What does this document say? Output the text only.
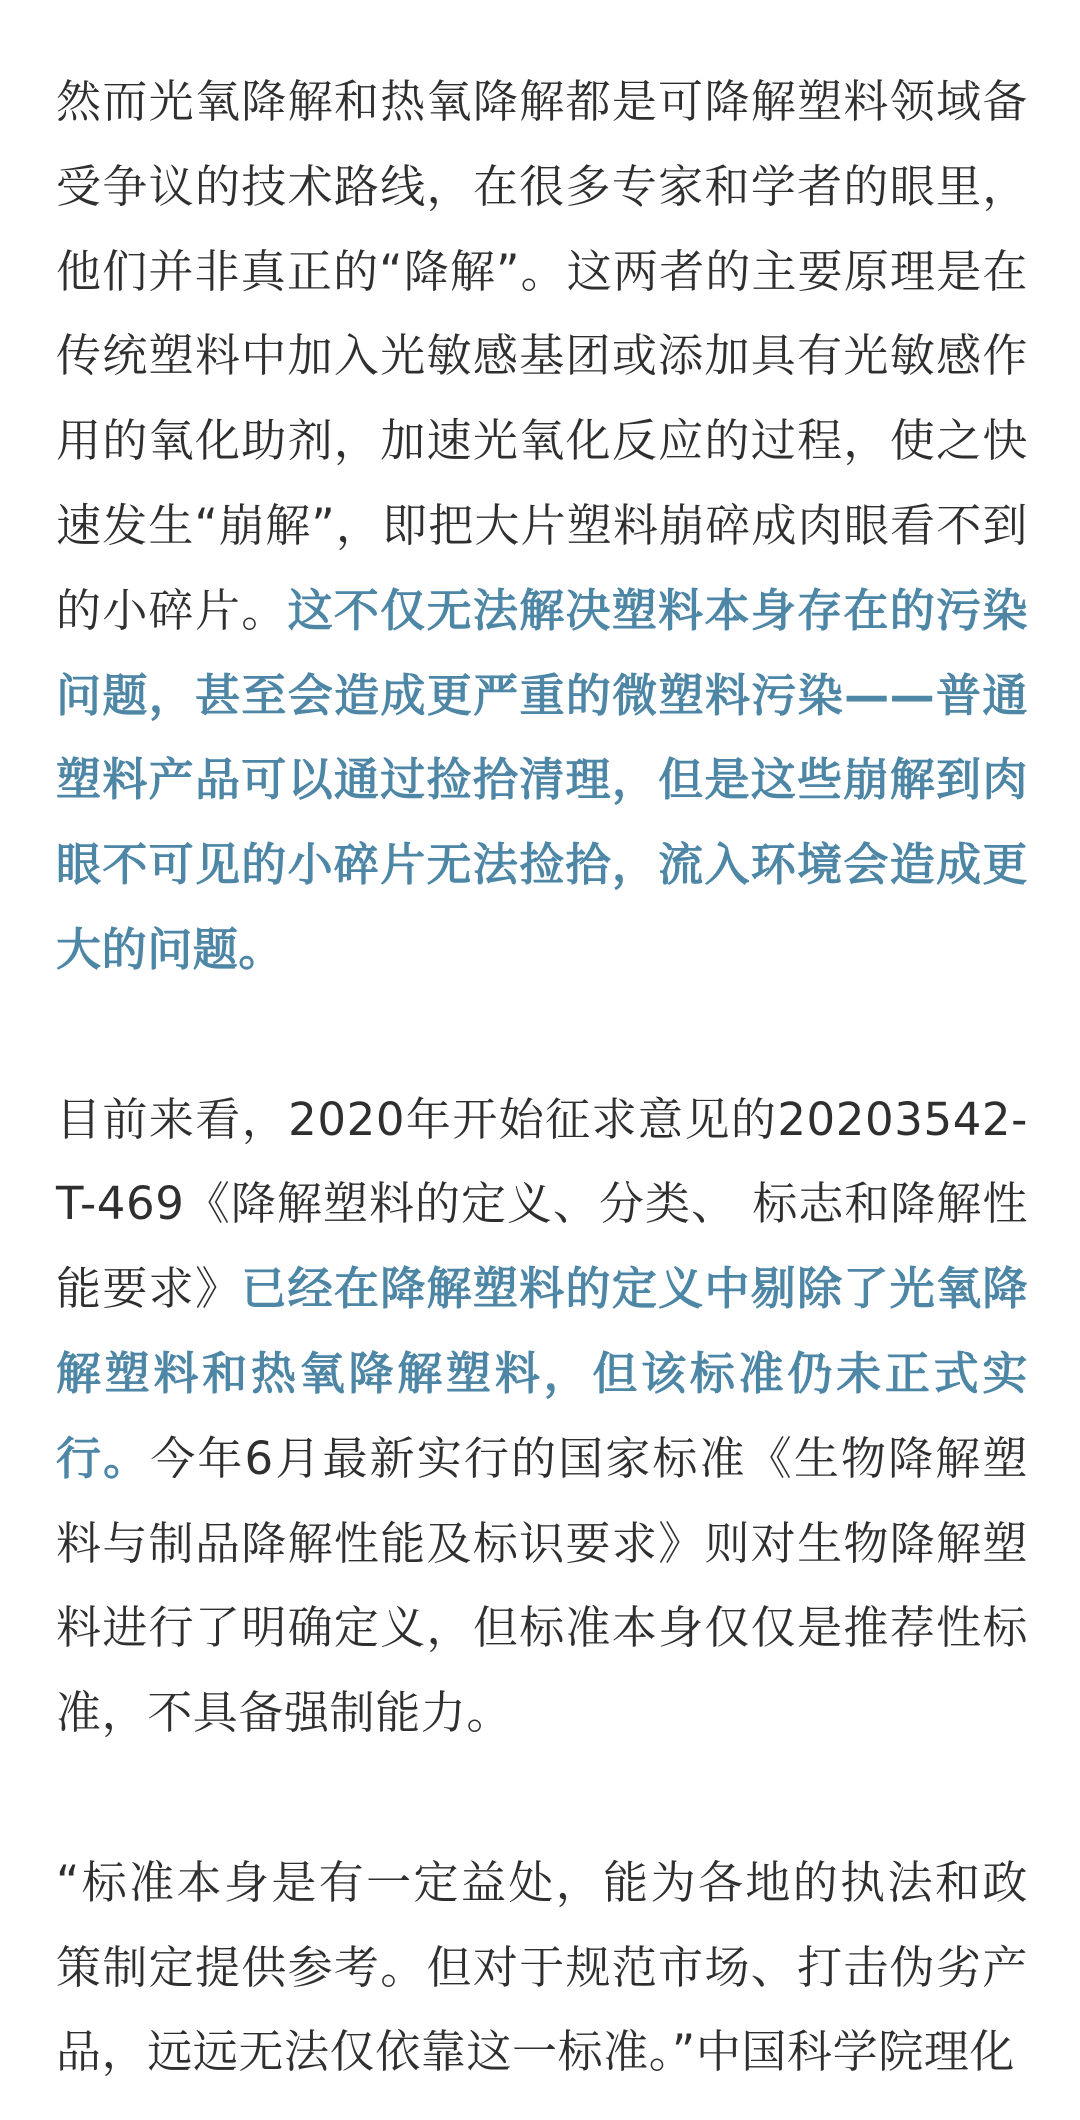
然而光氧降解和热氧降解都是可降解塑料领域备受争议的技术路线，在很多专家和学者的眼里，他们并非真正的“降解”。这两者的主要原理是在传统塑料中加入光敏感基团或添加具有光敏感作用的氧化助剂，加速光氧化反应的过程，使之快速发生“崩解”，即把大片塑料崩碎成肉眼看不到的小碎片。这不仅无法解决塑料本身存在的污染问题，甚至会造成更严重的微塑料污染——普通塑料产品可以通过捡拾清理，但是这些崩解到肉眼不可见的小碎片无法捡拾，流入环境会造成更大的问题。

目前来看，2020年开始征求意见的20203542-T-469《降解塑料的定义、分类、 标志和降解性能要求》已经在降解塑料的定义中剔除了光氧降解塑料和热氧降解塑料，但该标准仍未正式实行。今年6月最新实行的国家标准《生物降解塑料与制品降解性能及标识要求》则对生物降解塑料进行了明确定义，但标准本身仅仅是推荐性标准，不具备强制能力。

“标准本身是有一定益处，能为各地的执法和政策制定提供参考。但对于规范市场、打击伪劣产品，远远无法仅依靠这一标准。”中国科学院理化
